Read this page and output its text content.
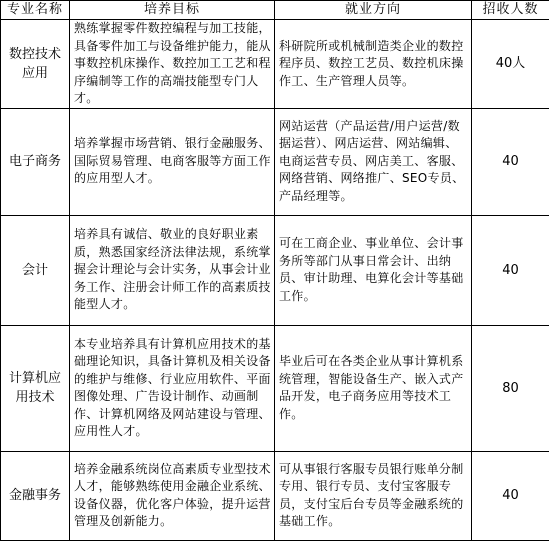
专业名称	培养目标	就业方向	招收人数
数控技术应用	熟练掌握零件数控编程与加工技能，具备零件加工与设备维护能力，能从事数控机床操作、数控加工工艺和程序编制等工作的高端技能型专门人才。	科研院所或机械制造类企业的数控程序员、数控工艺员、数控机床操作工、生产管理人员等。	40人
电子商务	培养掌握市场营销、银行金融服务、国际贸易管理、电商客服等方面工作的应用型人才。	网站运营（产品运营/用户运营/数据运营）、网店运营、网站编辑、电商运营专员、网店美工、客服、网络营销、网络推广、SEO专员、产品经理等。	40
会计	培养具有诚信、敬业的良好职业素质，熟悉国家经济法律法规，系统掌握会计理论与会计实务，从事会计业务工作、注册会计师工作的高素质技能型人才。	可在工商企业、事业单位、会计事务所等部门从事日常会计、出纳员、审计助理、电算化会计等基础工作。	40
计算机应用技术	本专业培养具有计算机应用技术的基础理论知识，具备计算机及相关设备的维护与维修、行业应用软件、平面图像处理、广告设计制作、动画制作、计算机网络及网站建设与管理、应用性人才。	毕业后可在各类企业从事计算机系统管理，智能设备生产、嵌入式产品开发，电子商务应用等技术工作。	80
金融事务	培养金融系统岗位高素质专业型技术人才，能够熟练使用金融企业系统、设备仪器，优化客户体验，提升运营管理及创新能力。	可从事银行客服专员银行账单分制专用、银行专员、支付宝客服专员，支付宝后台专员等金融系统的基础工作。	40
